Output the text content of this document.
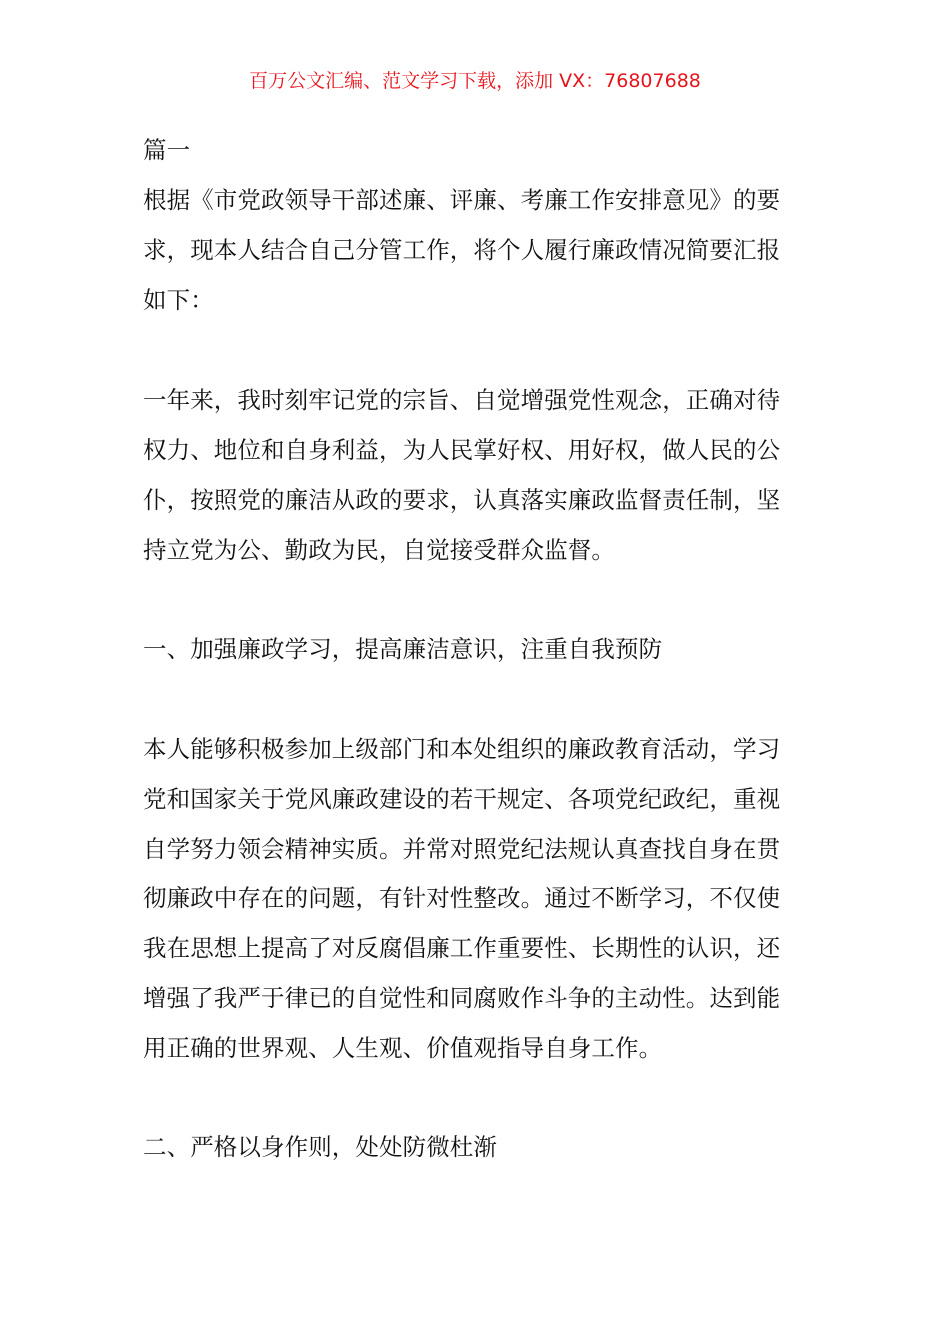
百万公文汇编、范文学习下载，添加 VX：76807688
篇一
根据《市党政领导干部述廉、评廉、考廉工作安排意见》的要
求，现本人结合自己分管工作，将个人履行廉政情况简要汇报
如下：
一年来，我时刻牢记党的宗旨、自觉增强党性观念，正确对待
权力、地位和自身利益，为人民掌好权、用好权，做人民的公
仆，按照党的廉洁从政的要求，认真落实廉政监督责任制，坚
持立党为公、勤政为民，自觉接受群众监督。
一、加强廉政学习，提高廉洁意识，注重自我预防
本人能够积极参加上级部门和本处组织的廉政教育活动，学习
党和国家关于党风廉政建设的若干规定、各项党纪政纪，重视
自学努力领会精神实质。并常对照党纪法规认真查找自身在贯
彻廉政中存在的问题，有针对性整改。通过不断学习，不仅使
我在思想上提高了对反腐倡廉工作重要性、长期性的认识，还
增强了我严于律已的自觉性和同腐败作斗争的主动性。达到能
用正确的世界观、人生观、价值观指导自身工作。
二、严格以身作则，处处防微杜渐
